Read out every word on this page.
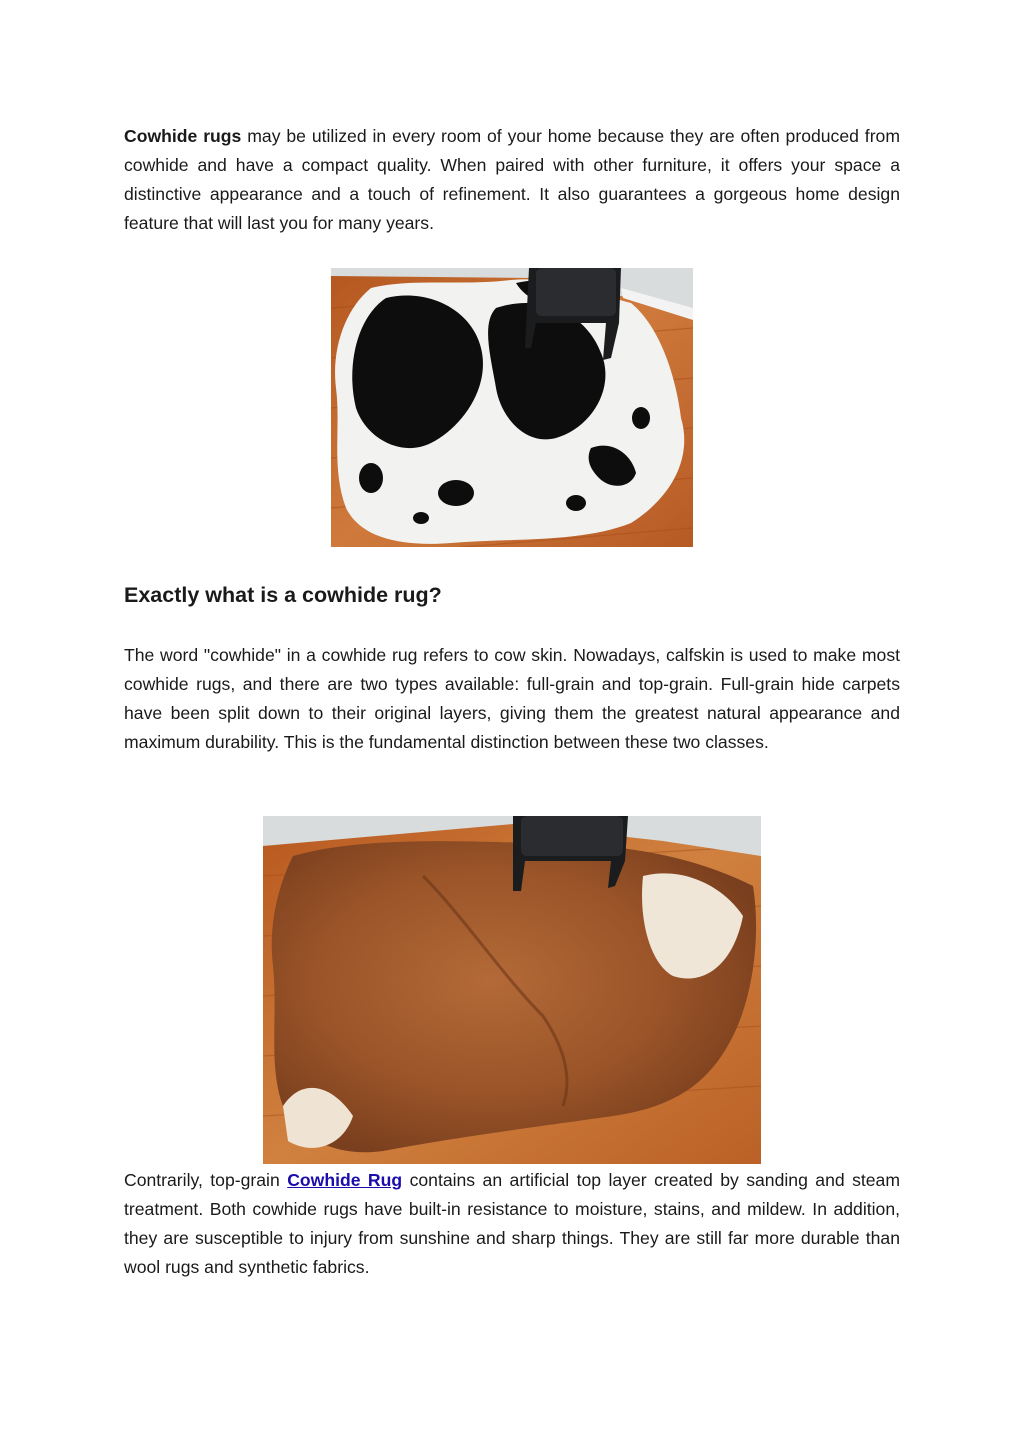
Cowhide rugs may be utilized in every room of your home because they are often produced from cowhide and have a compact quality. When paired with other furniture, it offers your space a distinctive appearance and a touch of refinement. It also guarantees a gorgeous home design feature that will last you for many years.

Exactly what is a cowhide rug?

The word "cowhide" in a cowhide rug refers to cow skin. Nowadays, calfskin is used to make most cowhide rugs, and there are two types available: full-grain and top-grain. Full-grain hide carpets have been split down to their original layers, giving them the greatest natural appearance and maximum durability. This is the fundamental distinction between these two classes.

Contrarily, top-grain Cowhide Rug contains an artificial top layer created by sanding and steam treatment. Both cowhide rugs have built-in resistance to moisture, stains, and mildew. In addition, they are susceptible to injury from sunshine and sharp things. They are still far more durable than wool rugs and synthetic fabrics.
